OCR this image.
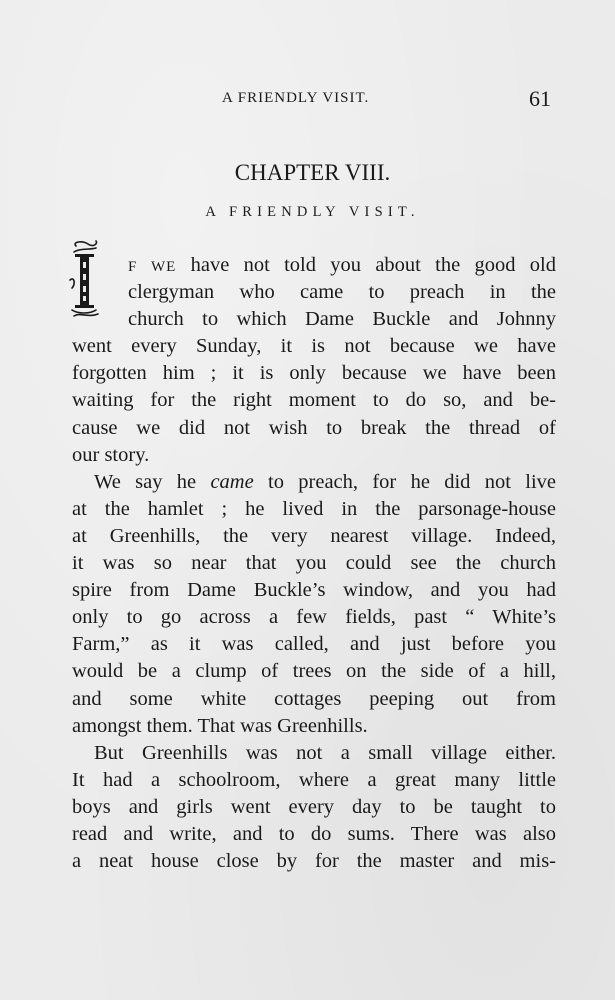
A FRIENDLY VISIT.	61
CHAPTER VIII.
A FRIENDLY VISIT.
I
F WE have not told you about the good old
clergyman who came to preach in the
church to which Dame Buckle and Johnny
went every Sunday, it is not because we have
forgotten him ; it is only because we have been
waiting for the right moment to do so, and be-
cause we did not wish to break the thread of
our story.
We say he came to preach, for he did not live
at the hamlet ; he lived in the parsonage-house
at Greenhills, the very nearest village. Indeed,
it was so near that you could see the church
spire from Dame Buckle’s window, and you had
only to go across a few fields, past “ White’s
Farm,” as it was called, and just before you
would be a clump of trees on the side of a hill,
and some white cottages peeping out from
amongst them. That was Greenhills.
But Greenhills was not a small village either.
It had a schoolroom, where a great many little
boys and girls went every day to be taught to
read and write, and to do sums. There was also
a neat house close by for the master and mis-
